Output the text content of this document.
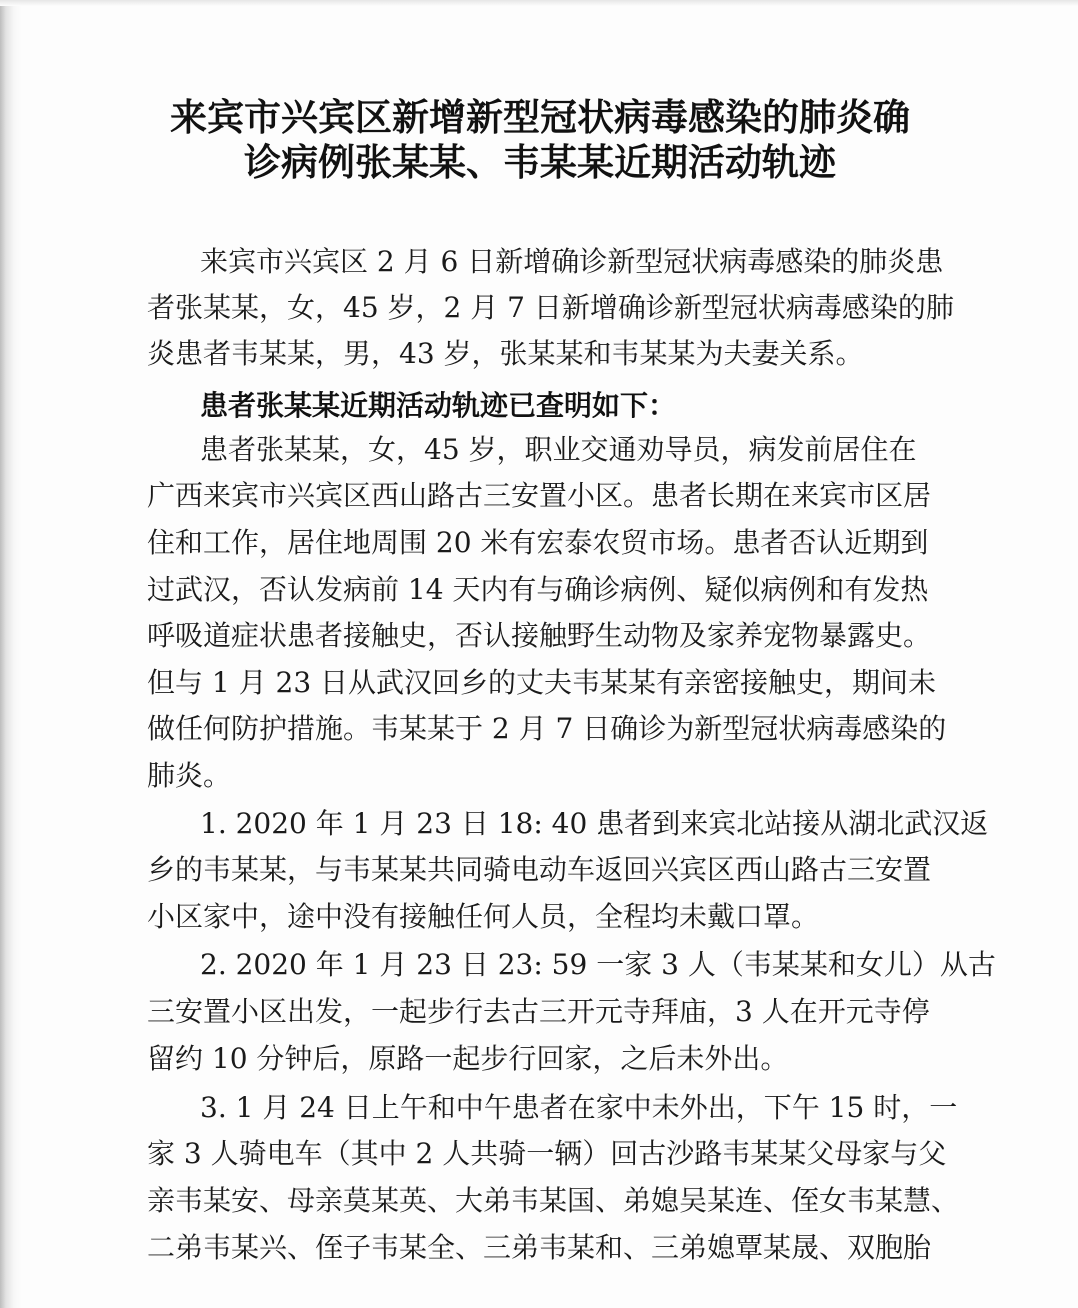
来宾市兴宾区新增新型冠状病毒感染的肺炎确
诊病例张某某、韦某某近期活动轨迹

来宾市兴宾区 2 月 6 日新增确诊新型冠状病毒感染的肺炎患

者张某某，女，45 岁，2 月 7 日新增确诊新型冠状病毒感染的肺

炎患者韦某某，男，43 岁，张某某和韦某某为夫妻关系。

患者张某某近期活动轨迹已查明如下：

患者张某某，女，45 岁，职业交通劝导员，病发前居住在

广西来宾市兴宾区西山路古三安置小区。患者长期在来宾市区居

住和工作，居住地周围 20 米有宏泰农贸市场。患者否认近期到

过武汉，否认发病前 14 天内有与确诊病例、疑似病例和有发热

呼吸道症状患者接触史，否认接触野生动物及家养宠物暴露史。

但与 1 月 23 日从武汉回乡的丈夫韦某某有亲密接触史，期间未

做任何防护措施。韦某某于 2 月 7 日确诊为新型冠状病毒感染的

肺炎。

1. 2020 年 1 月 23 日 18: 40 患者到来宾北站接从湖北武汉返

乡的韦某某，与韦某某共同骑电动车返回兴宾区西山路古三安置

小区家中，途中没有接触任何人员，全程均未戴口罩。

2. 2020 年 1 月 23 日 23: 59 一家 3 人（韦某某和女儿）从古

三安置小区出发，一起步行去古三开元寺拜庙，3 人在开元寺停

留约 10 分钟后，原路一起步行回家，之后未外出。

3. 1 月 24 日上午和中午患者在家中未外出，下午 15 时，一

家 3 人骑电车（其中 2 人共骑一辆）回古沙路韦某某父母家与父

亲韦某安、母亲莫某英、大弟韦某国、弟媳吴某连、侄女韦某慧、

二弟韦某兴、侄子韦某全、三弟韦某和、三弟媳覃某晟、双胞胎
